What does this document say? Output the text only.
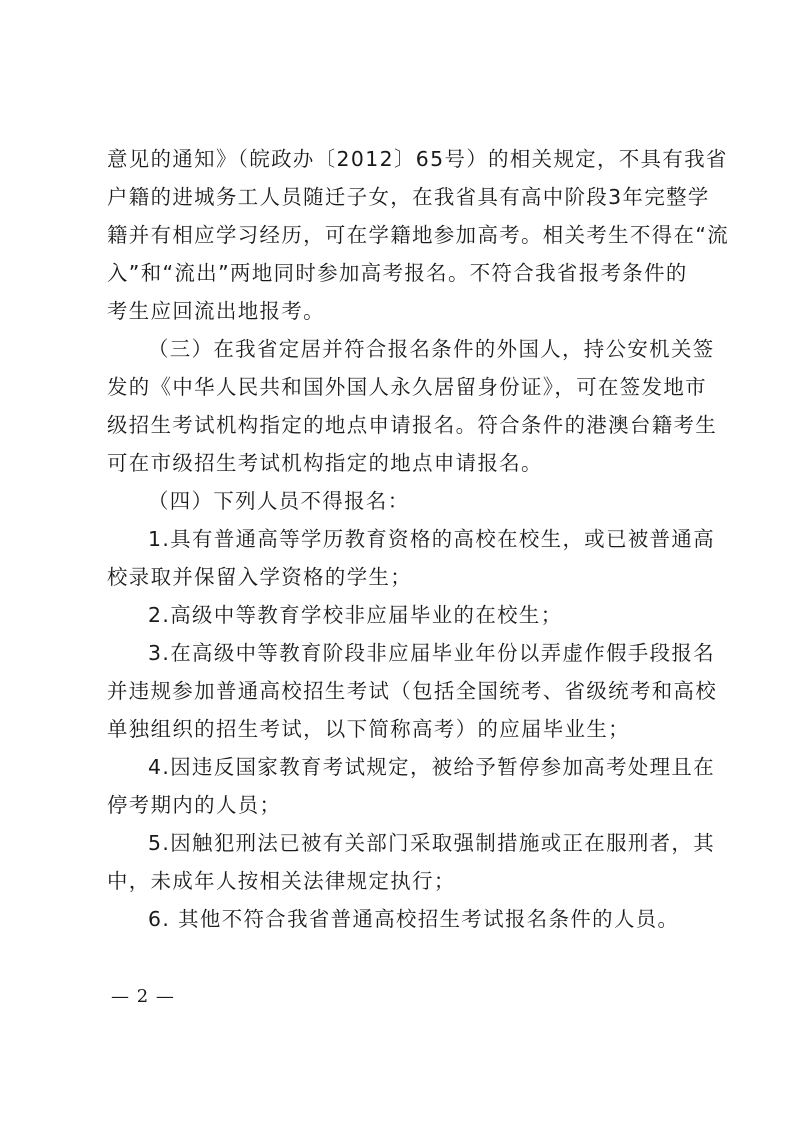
意见的通知》（皖政办〔2012〕65号）的相关规定，不具有我省
户籍的进城务工人员随迁子女，在我省具有高中阶段3年完整学
籍并有相应学习经历，可在学籍地参加高考。相关考生不得在“流
入”和“流出”两地同时参加高考报名。不符合我省报考条件的
考生应回流出地报考。
（三）在我省定居并符合报名条件的外国人，持公安机关签
发的《中华人民共和国外国人永久居留身份证》，可在签发地市
级招生考试机构指定的地点申请报名。符合条件的港澳台籍考生
可在市级招生考试机构指定的地点申请报名。
（四）下列人员不得报名：
1.具有普通高等学历教育资格的高校在校生，或已被普通高
校录取并保留入学资格的学生；
2.高级中等教育学校非应届毕业的在校生；
3.在高级中等教育阶段非应届毕业年份以弄虚作假手段报名
并违规参加普通高校招生考试（包括全国统考、省级统考和高校
单独组织的招生考试，以下简称高考）的应届毕业生；
4.因违反国家教育考试规定，被给予暂停参加高考处理且在
停考期内的人员；
5.因触犯刑法已被有关部门采取强制措施或正在服刑者，其
中，未成年人按相关法律规定执行；
6. 其他不符合我省普通高校招生考试报名条件的人员。
— 2 —
